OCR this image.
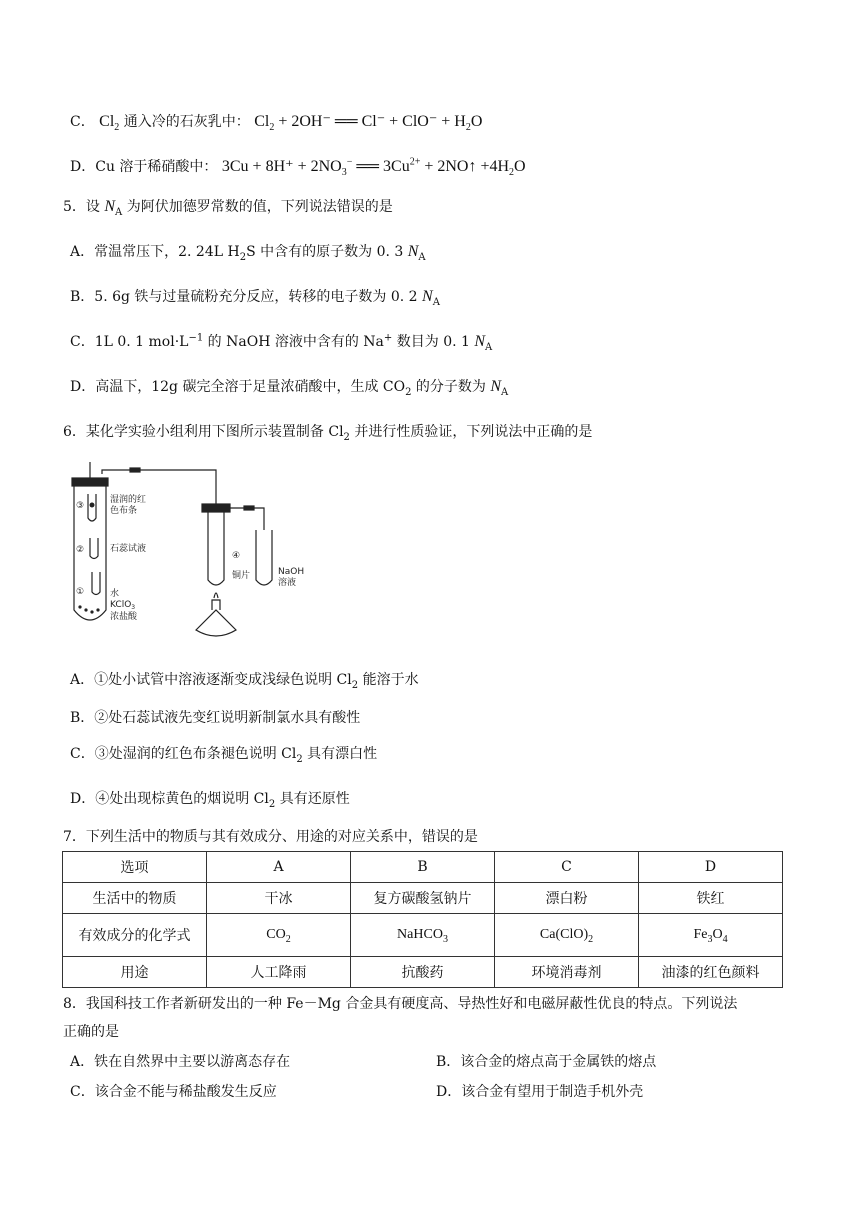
C． $Cl_2$ 通入冷的石灰乳中： $Cl_2 + 2OH^-$ ══ $Cl^- + ClO^- + H_2O$
D．Cu 溶于稀硝酸中： $3Cu + 8H^+ + 2NO_3^-$ ══ $3Cu^{2+}$ + 2NO↑ $+4H_2O$
5．设 $N_A$ 为阿伏加德罗常数的值，下列说法错误的是
A．常温常压下，2. 24L $H_2S$ 中含有的原子数为 0. 3 $N_A$
B．5. 6g 铁与过量硫粉充分反应，转移的电子数为 0. 2 $N_A$
C．1L 0. 1 $mol\cdot L^{-1}$ 的 NaOH 溶液中含有的 Na+ 数目为 0. 1 $N_A$
D．高温下，12g 碳完全溶于足量浓硝酸中，生成 $CO_2$ 的分子数为 $N_A$
6．某化学实验小组利用下图所示装置制备 $Cl_2$ 并进行性质验证，下列说法中正确的是
③
②
①
④
湿润的红
色布条
石蕊试液
水
KClO$_3$
浓盐酸
铜片	NaOH
溶液
A．①处小试管中溶液逐渐变成浅绿色说明 $Cl_2$ 能溶于水
B．②处石蕊试液先变红说明新制氯水具有酸性
C．③处湿润的红色布条褪色说明 $Cl_2$ 具有漂白性
D．④处出现棕黄色的烟说明 $Cl_2$ 具有还原性
7．下列生活中的物质与其有效成分、用途的对应关系中，错误的是
选项	A	B	C	D
生活中的物质	干冰	复方碳酸氢钠片	漂白粉	铁红
有效成分的化学式	$CO_2$	NaHCO$_3$	$Ca(ClO)_2$	$Fe_3O_4$
用途	人工降雨	抗酸药	环境消毒剂	油漆的红色颜料
8．我国科技工作者新研发出的一种 Fe－Mg 合金具有硬度高、导热性好和电磁屏蔽性优良的特点。下列说法
正确的是
A．铁在自然界中主要以游离态存在	B．该合金的熔点高于金属铁的熔点
C．该合金不能与稀盐酸发生反应	D．该合金有望用于制造手机外壳
